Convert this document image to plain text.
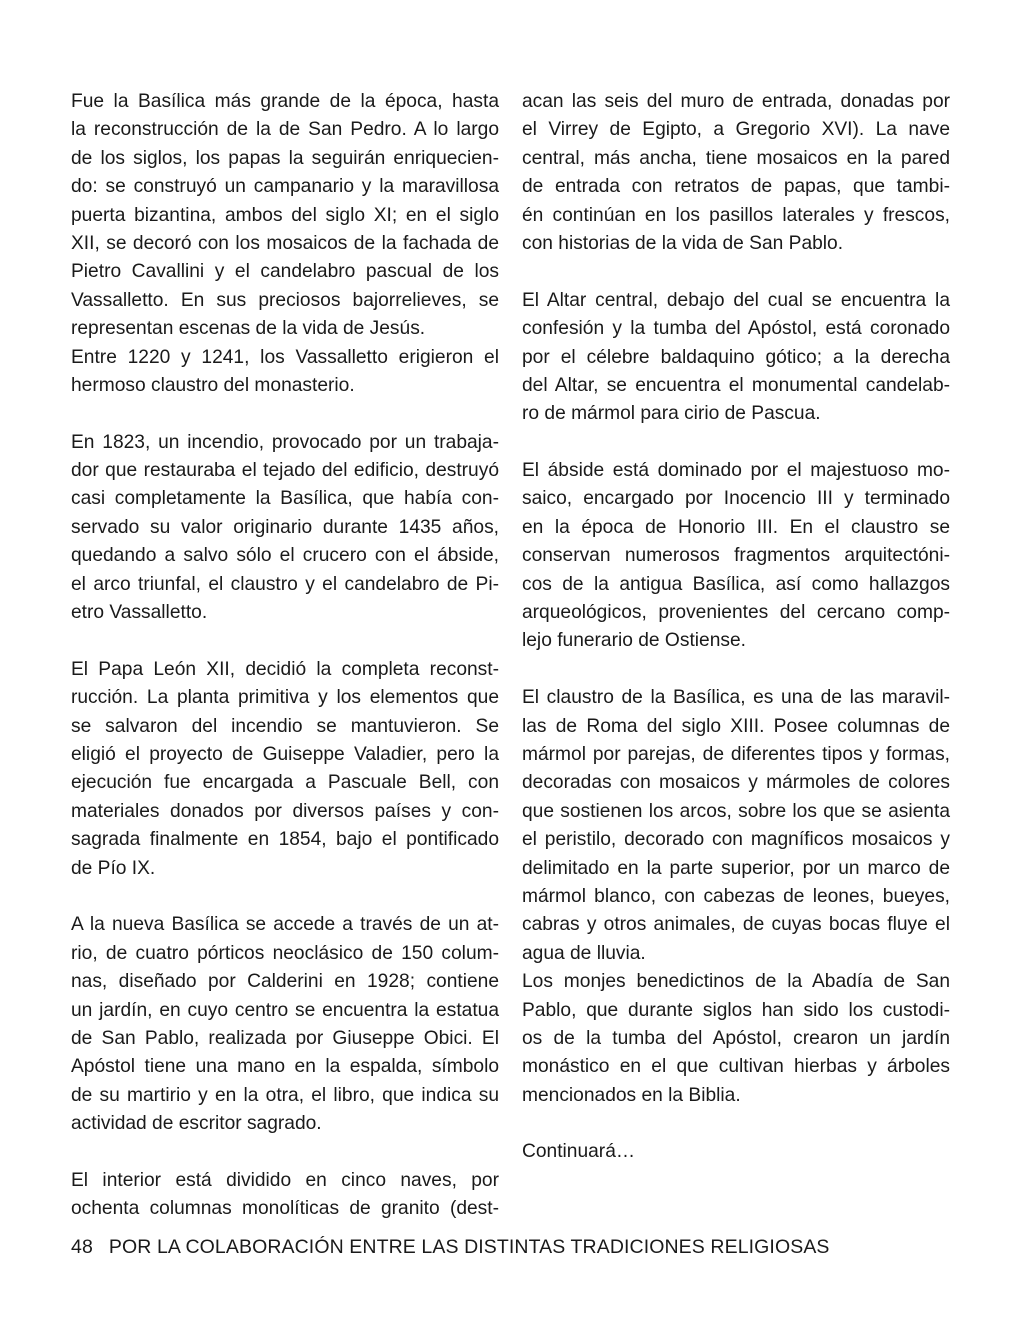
Fue la Basílica más grande de la época, hasta
la reconstrucción de la de San Pedro. A lo largo
de los siglos, los papas la seguirán enriquecien-
do: se construyó un campanario y la maravillosa
puerta bizantina, ambos del siglo XI; en el siglo
XII, se decoró con los mosaicos de la fachada de
Pietro Cavallini y el candelabro pascual de los
Vassalletto. En sus preciosos bajorrelieves, se
representan escenas de la vida de Jesús.
Entre 1220 y 1241, los Vassalletto erigieron el
hermoso claustro del monasterio.
En 1823, un incendio, provocado por un trabaja-
dor que restauraba el tejado del edificio, destruyó
casi completamente la Basílica, que había con-
servado su valor originario durante 1435 años,
quedando a salvo sólo el crucero con el ábside,
el arco triunfal, el claustro y el candelabro de Pi-
etro Vassalletto.
El Papa León XII, decidió la completa reconst-
rucción. La planta primitiva y los elementos que
se salvaron del incendio se mantuvieron. Se
eligió el proyecto de Guiseppe Valadier, pero la
ejecución fue encargada a Pascuale Bell, con
materiales donados por diversos países y con-
sagrada finalmente en 1854, bajo el pontificado
de Pío IX.
A la nueva Basílica se accede a través de un at-
rio, de cuatro pórticos neoclásico de 150 colum-
nas, diseñado por Calderini en 1928; contiene
un jardín, en cuyo centro se encuentra la estatua
de San Pablo, realizada por Giuseppe Obici. El
Apóstol tiene una mano en la espalda, símbolo
de su martirio y en la otra, el libro, que indica su
actividad de escritor sagrado.
El interior está dividido en cinco naves, por
ochenta columnas monolíticas de granito (dest-
acan las seis del muro de entrada, donadas por
el Virrey de Egipto, a Gregorio XVI). La nave
central, más ancha, tiene mosaicos en la pared
de entrada con retratos de papas, que tambi-
én continúan en los pasillos laterales y frescos,
con historias de la vida de San Pablo.
El Altar central, debajo del cual se encuentra la
confesión y la tumba del Apóstol, está coronado
por el célebre baldaquino gótico; a la derecha
del Altar, se encuentra el monumental candelab-
ro de mármol para cirio de Pascua.
El ábside está dominado por el majestuoso mo-
saico, encargado por Inocencio III y terminado
en la época de Honorio III. En el claustro se
conservan numerosos fragmentos arquitectóni-
cos de la antigua Basílica, así como hallazgos
arqueológicos, provenientes del cercano comp-
lejo funerario de Ostiense.
El claustro de la Basílica, es una de las maravil-
las de Roma del siglo XIII. Posee columnas de
mármol por parejas, de diferentes tipos y formas,
decoradas con mosaicos y mármoles de colores
que sostienen los arcos, sobre los que se asienta
el peristilo, decorado con magníficos mosaicos y
delimitado en la parte superior, por un marco de
mármol blanco, con cabezas de leones, bueyes,
cabras y otros animales, de cuyas bocas fluye el
agua de lluvia.
Los monjes benedictinos de la Abadía de San
Pablo, que durante siglos han sido los custodi-
os de la tumba del Apóstol, crearon un jardín
monástico en el que cultivan hierbas y árboles
mencionados en la Biblia.
Continuará…
48 POR LA COLABORACIÓN ENTRE LAS DISTINTAS TRADICIONES RELIGIOSAS
